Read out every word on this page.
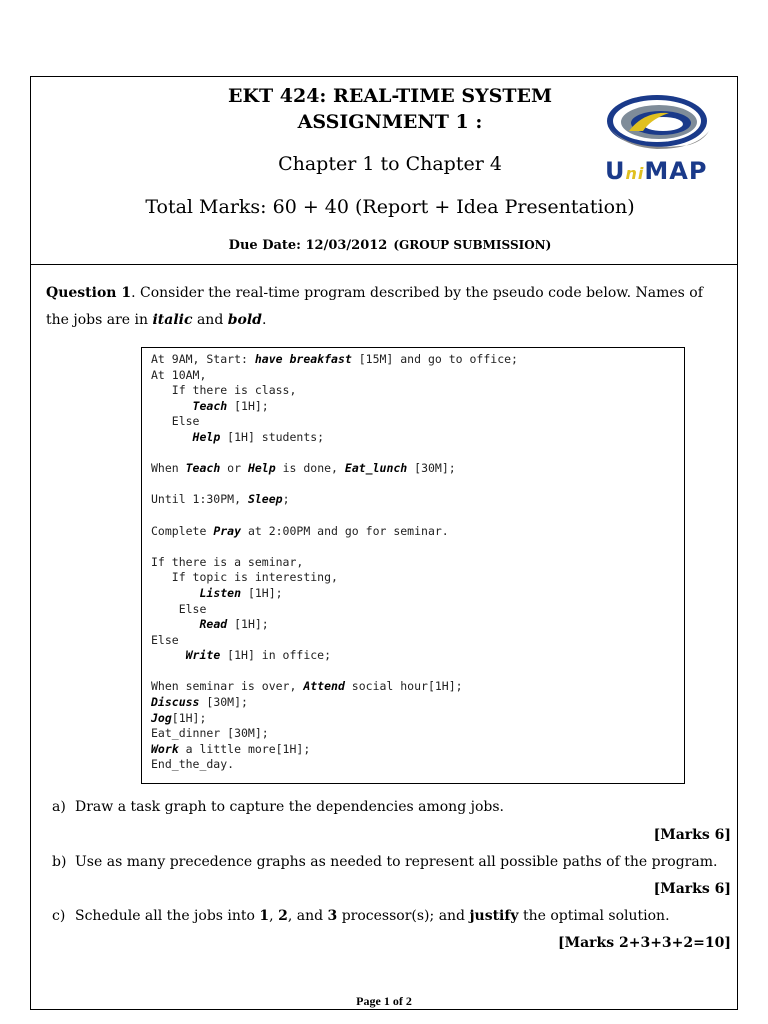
EKT 424: REAL-TIME SYSTEM
ASSIGNMENT 1 :
Chapter 1 to Chapter 4
Total Marks: 60 + 40 (Report + Idea Presentation)
Due Date: 12/03/2012 (GROUP SUBMISSION)
UniMAP
Question 1. Consider the real-time program described by the pseudo code below. Names of the jobs are in italic and bold.
At 9AM, Start: have breakfast [15M] and go to office;
At 10AM,
If there is class,
Teach [1H];
Else
Help [1H] students;

When Teach or Help is done, Eat_lunch [30M];

Until 1:30PM, Sleep;

Complete Pray at 2:00PM and go for seminar.

If there is a seminar,
If topic is interesting,
Listen [1H];
Else
Read [1H];
Else
Write [1H] in office;

When seminar is over, Attend social hour[1H];
Discuss [30M];
Jog[1H];
Eat_dinner [30M];
Work a little more[1H];
End_the_day.
a) Draw a task graph to capture the dependencies among jobs.
[Marks 6]
b) Use as many precedence graphs as needed to represent all possible paths of the program.
[Marks 6]
c) Schedule all the jobs into 1, 2, and 3 processor(s); and justify the optimal solution.
[Marks 2+3+3+2=10]
Page 1 of 2
